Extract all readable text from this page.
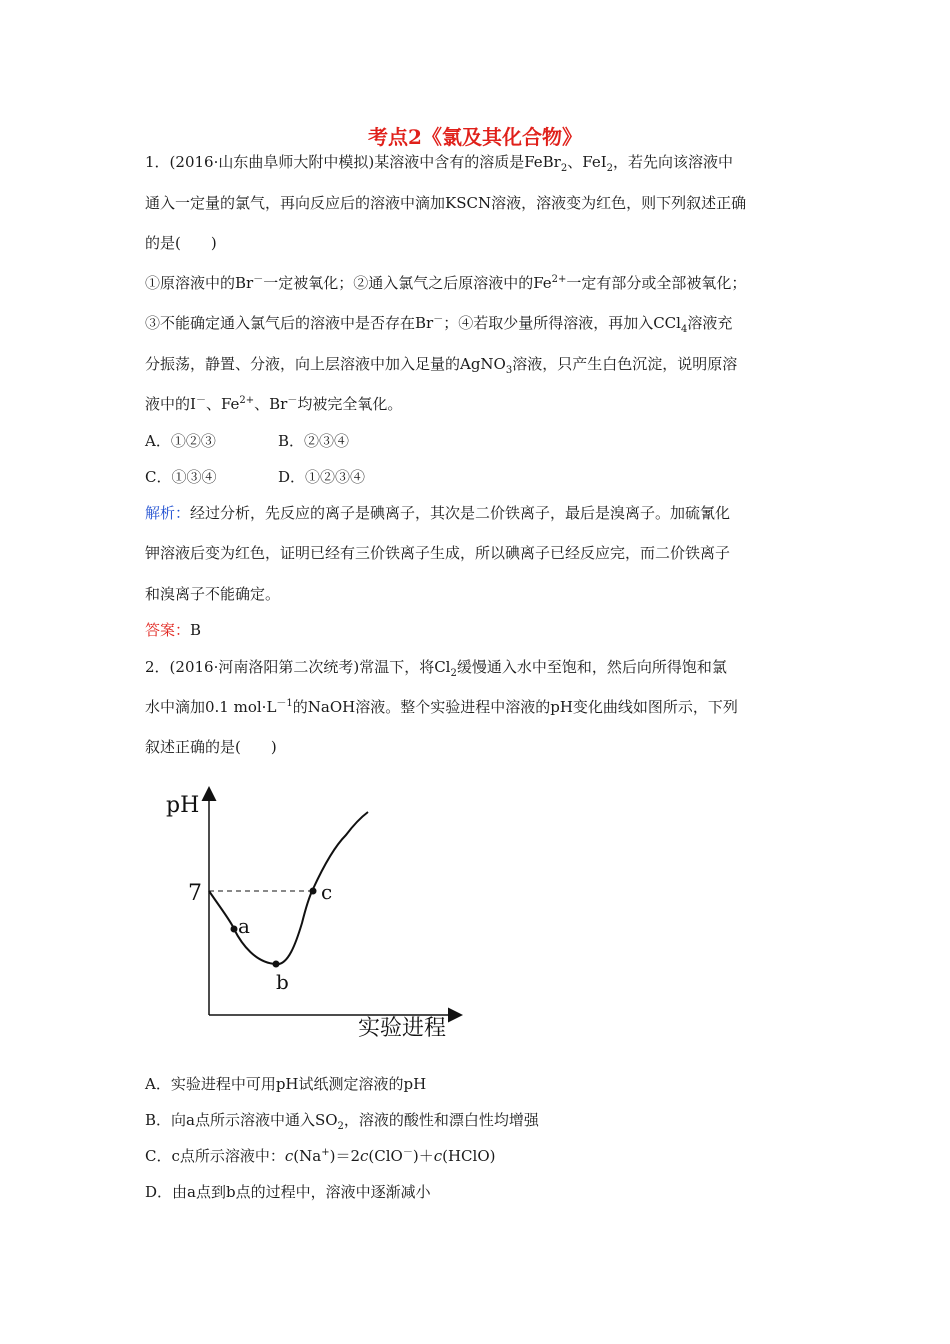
考点2《氯及其化合物》
1．(2016·山东曲阜师大附中模拟)某溶液中含有的溶质是FeBr$_2$、FeI$_2$，若先向该溶液中
通入一定量的氯气，再向反应后的溶液中滴加KSCN溶液，溶液变为红色，则下列叙述正确
的是(　　)
①原溶液中的Br－一定被氧化；②通入氯气之后原溶液中的$Fe^{2+}$一定有部分或全部被氧化；
③不能确定通入氯气后的溶液中是否存在Br－；④若取少量所得溶液，再加入CCl$_4$溶液充
分振荡，静置、分液，向上层溶液中加入足量的AgNO$_3$溶液，只产生白色沉淀，说明原溶
液中的I－、$Fe^{2+}$、Br－均被完全氧化。
A．①②③	B．②③④
C．①③④	D．①②③④
解析：经过分析，先反应的离子是碘离子，其次是二价铁离子，最后是溴离子。加硫氰化
钾溶液后变为红色，证明已经有三价铁离子生成，所以碘离子已经反应完，而二价铁离子
和溴离子不能确定。
答案：B
2．(2016·河南洛阳第二次统考)常温下，将$Cl_2$缓慢通入水中至饱和，然后向所得饱和氯
水中滴加0.1 $mol\cdot L^{-1}$的NaOH溶液。整个实验进程中溶液的pH变化曲线如图所示，下列
叙述正确的是(　　)
pH
7
a
b
c
实验进程
A．实验进程中可用pH试纸测定溶液的pH
B．向a点所示溶液中通入$SO_2$，溶液的酸性和漂白性均增强
C．c点所示溶液中：c(Na+)＝2c(ClO－)＋c(HClO)
D．由a点到b点的过程中，溶液中逐渐减小
